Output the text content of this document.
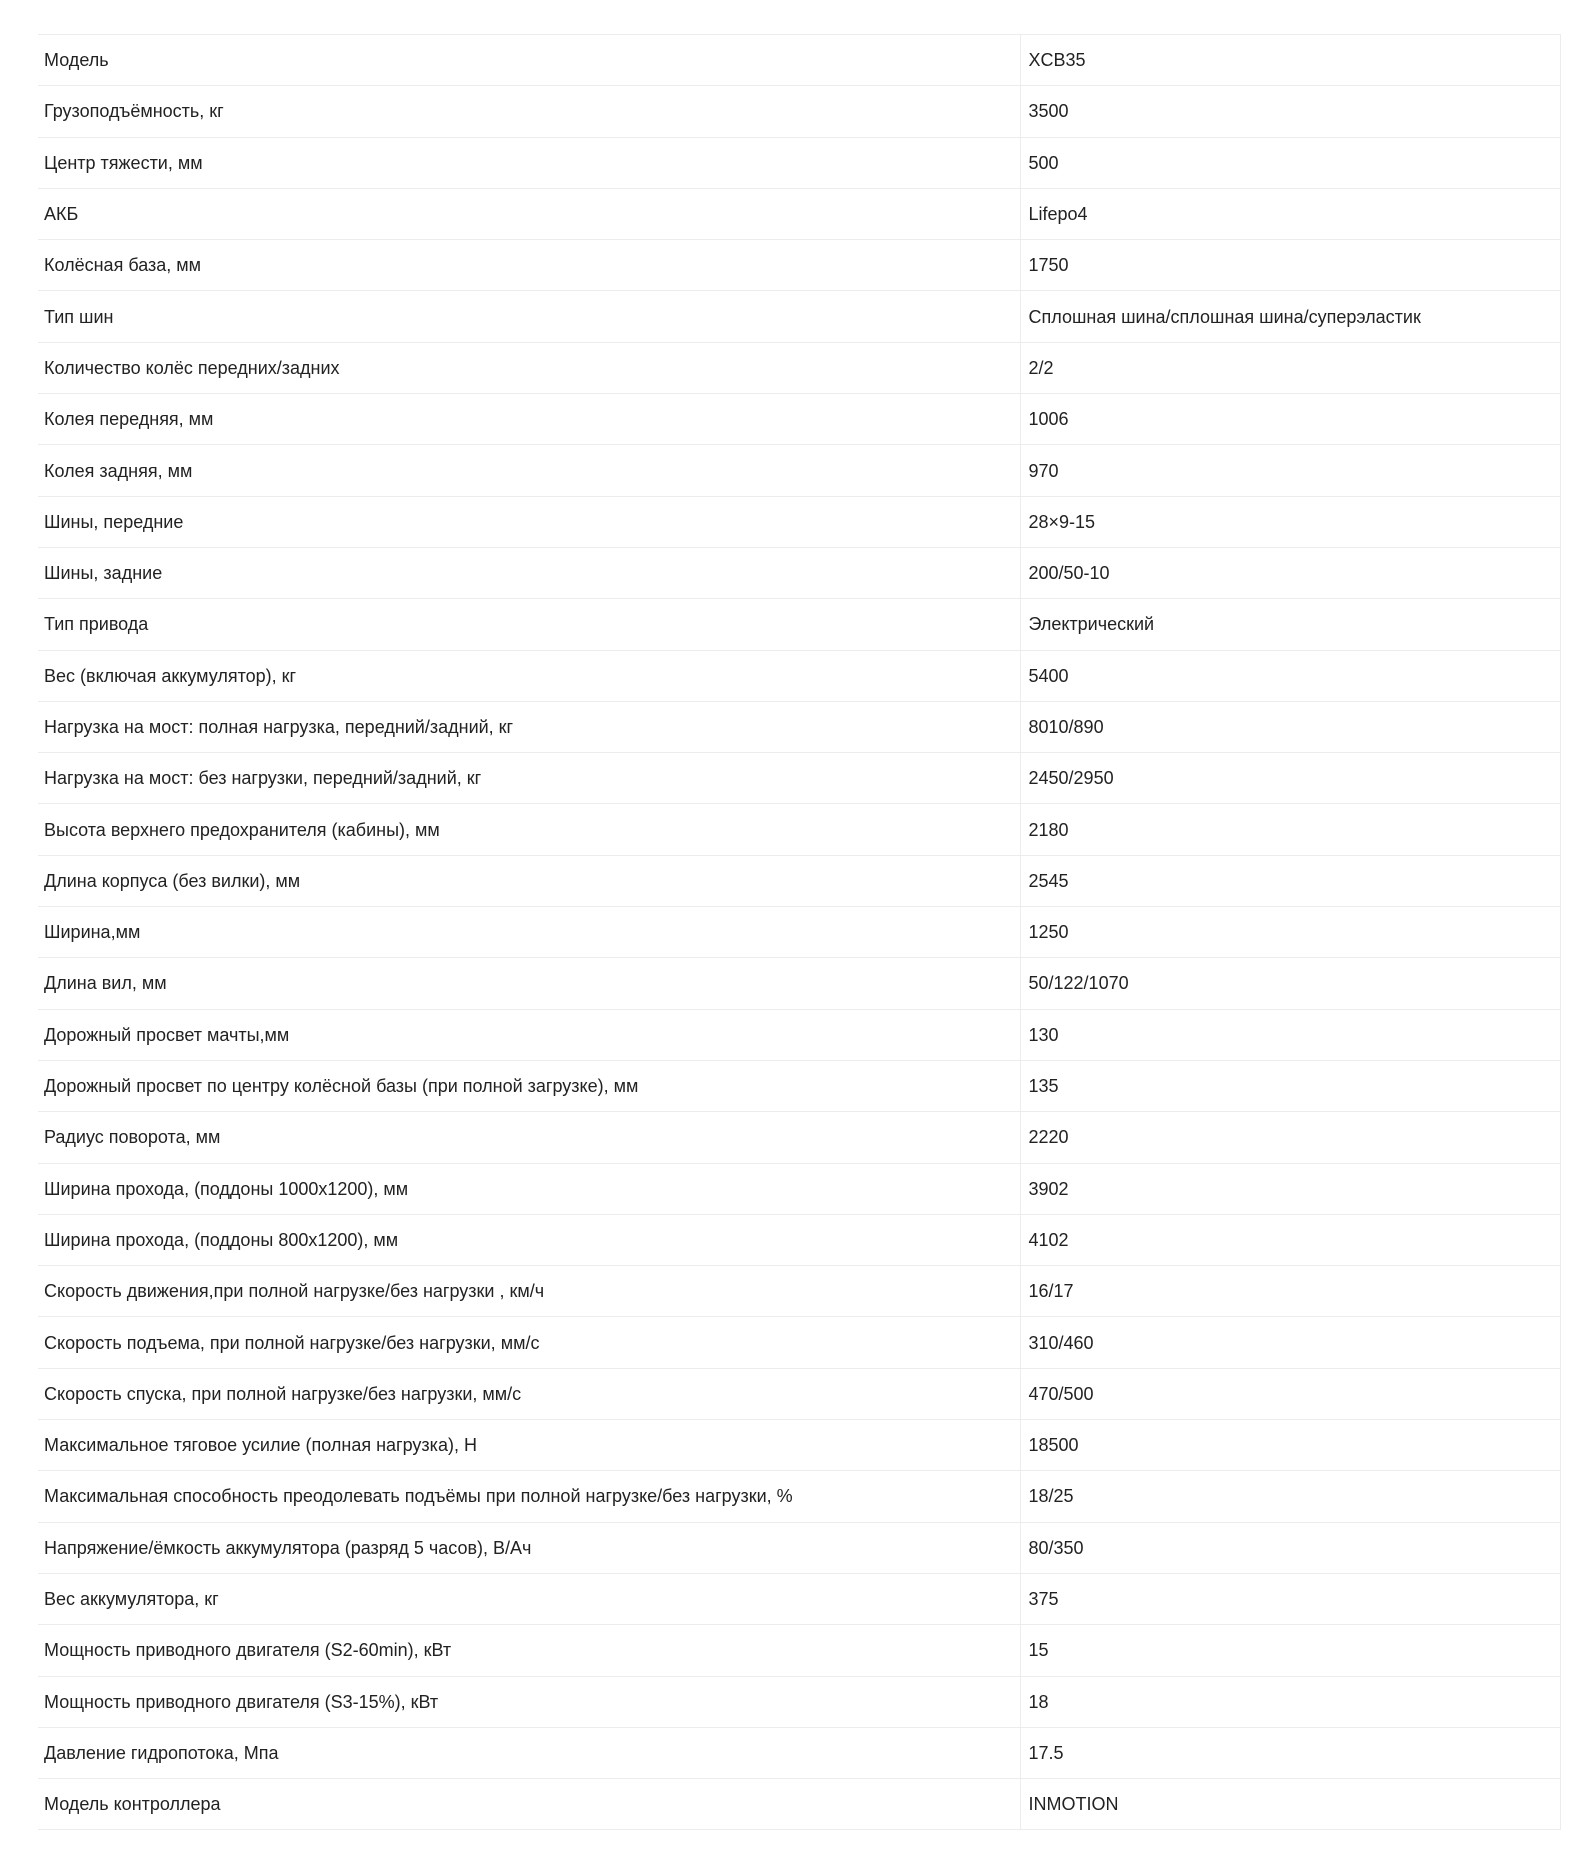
Модель	XCB35
Грузоподъёмность, кг	3500
Центр тяжести, мм	500
АКБ	Lifepo4
Колёсная база, мм	1750
Тип шин	Сплошная шина/сплошная шина/суперэластик
Количество колёс передних/задних	2/2
Колея передняя, мм	1006
Колея задняя, мм	970
Шины, передние	28×9-15
Шины, задние	200/50-10
Тип привода	Электрический
Вес (включая аккумулятор), кг	5400
Нагрузка на мост: полная нагрузка, передний/задний, кг	8010/890
Нагрузка на мост: без нагрузки, передний/задний, кг	2450/2950
Высота верхнего предохранителя (кабины), мм	2180
Длина корпуса (без вилки), мм	2545
Ширина,мм	1250
Длина вил, мм	50/122/1070
Дорожный просвет мачты,мм	130
Дорожный просвет по центру колёсной базы (при полной загрузке), мм	135
Радиус поворота, мм	2220
Ширина прохода, (поддоны 1000x1200), мм	3902
Ширина прохода, (поддоны 800x1200), мм	4102
Скорость движения,при полной нагрузке/без нагрузки , км/ч	16/17
Скорость подъема, при полной нагрузке/без нагрузки, мм/с	310/460
Скорость спуска, при полной нагрузке/без нагрузки, мм/с	470/500
Максимальное тяговое усилие (полная нагрузка), Н	18500
Максимальная способность преодолевать подъёмы при полной нагрузке/без нагрузки, %	18/25
Напряжение/ёмкость аккумулятора (разряд 5 часов), В/Ач	80/350
Вес аккумулятора, кг	375
Мощность приводного двигателя (S2-60min), кВт	15
Мощность приводного двигателя (S3-15%), кВт	18
Давление гидропотока, Мпа	17.5
Модель контроллера	INMOTION
